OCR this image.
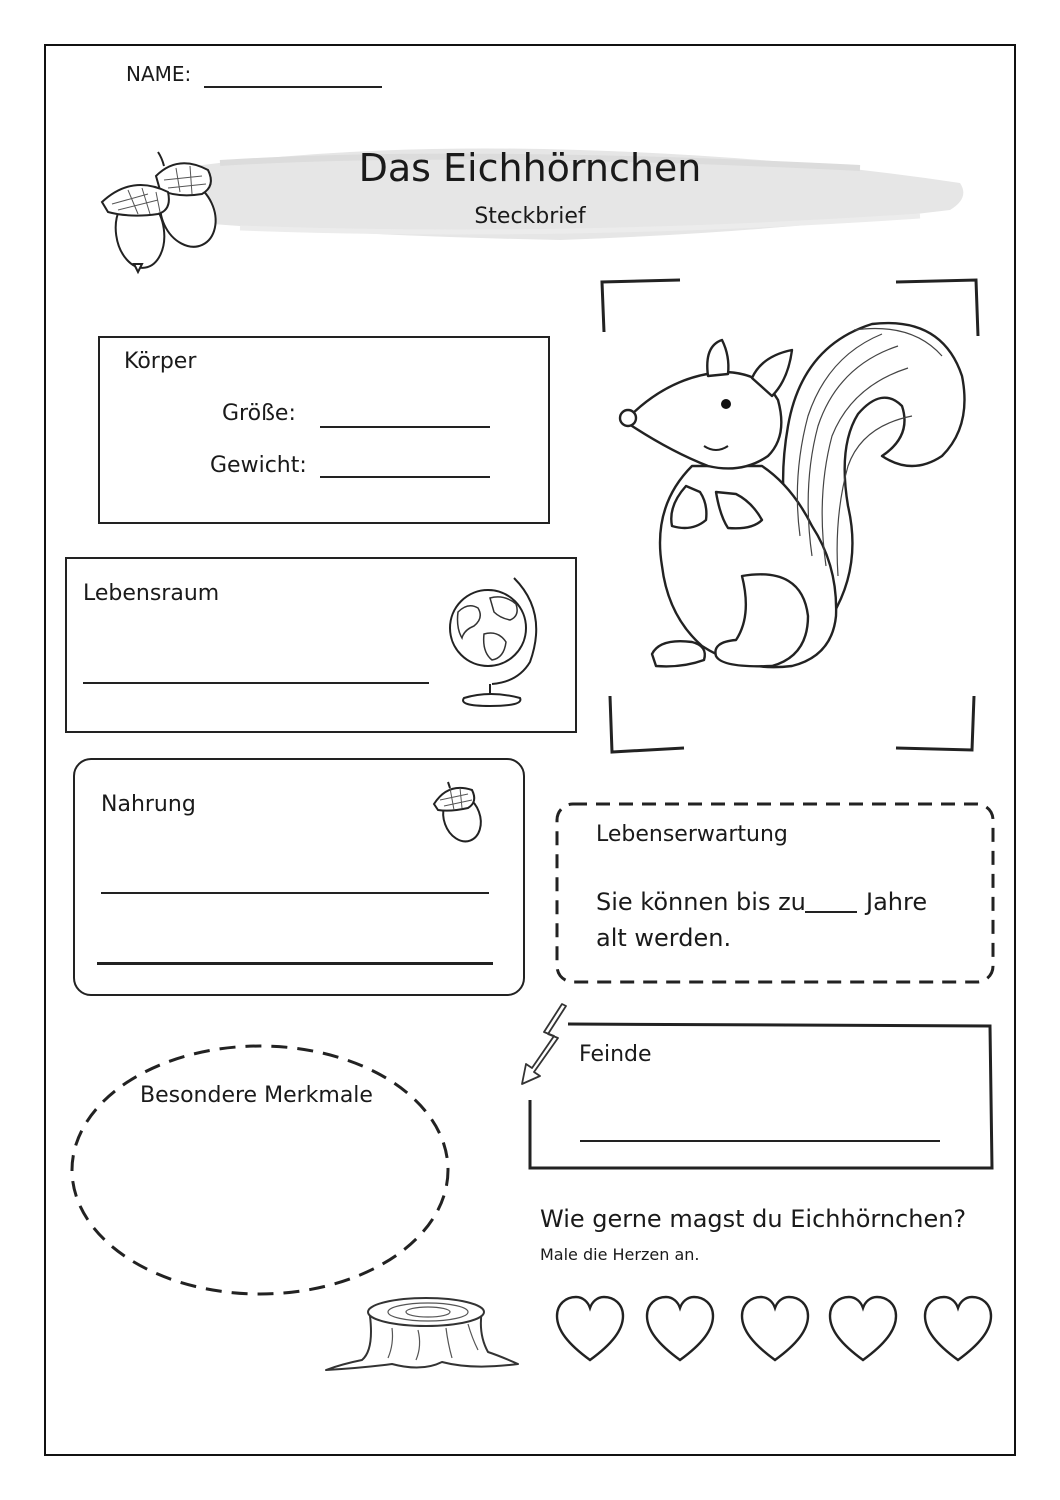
NAME:
Das Eichhörnchen
Steckbrief
Körper
Größe:
Gewicht:
Lebensraum
Nahrung
Lebenserwartung
Sie können bis zu	Jahre
alt werden.
Feinde
Besondere Merkmale
Wie gerne magst du Eichhörnchen?
Male die Herzen an.
